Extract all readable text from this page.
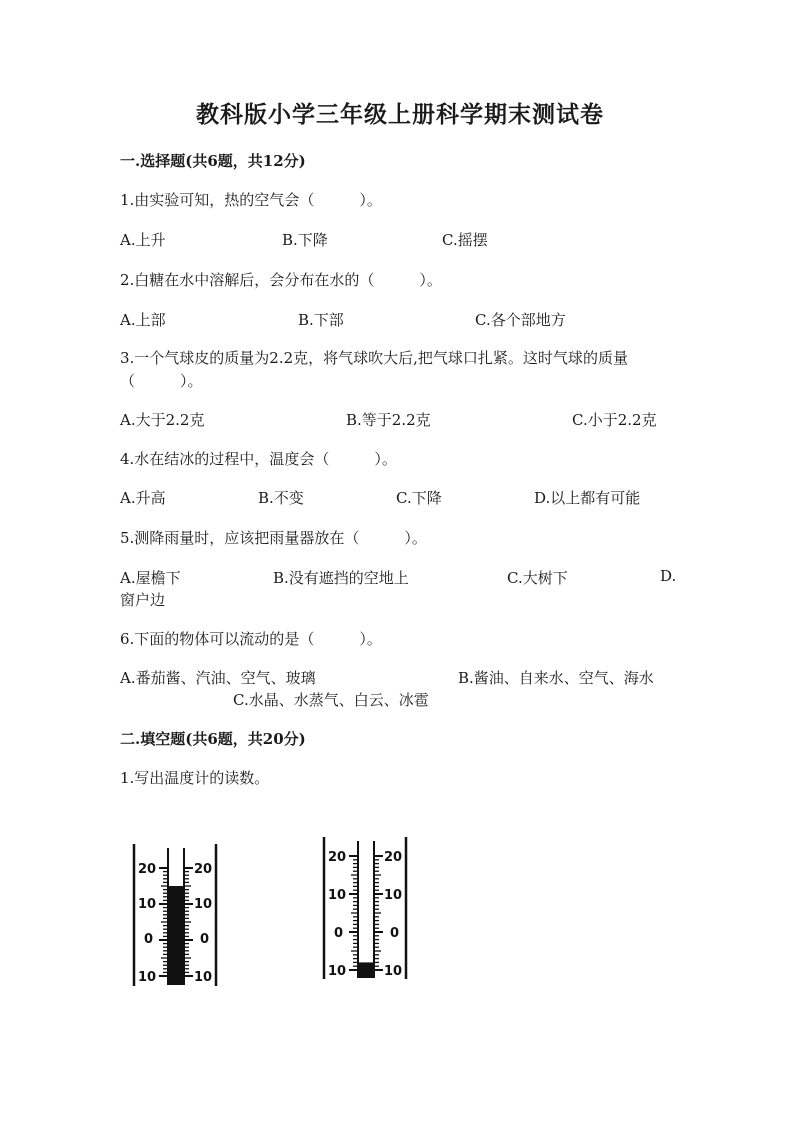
教科版小学三年级上册科学期末测试卷
一.选择题(共6题，共12分)
1.由实验可知，热的空气会（　　　）。
A.上升	B.下降	C.摇摆
2.白糖在水中溶解后，会分布在水的（　　　）。
A.上部	B.下部	C.各个部地方
3.一个气球皮的质量为2.2克，将气球吹大后,把气球口扎紧。这时气球的质量
（　　　）。
A.大于2.2克	B.等于2.2克	C.小于2.2克
4.水在结冰的过程中，温度会（　　　）。
A.升高	B.不变	C.下降	D.以上都有可能
5.测降雨量时，应该把雨量器放在（　　　）。
A.屋檐下	B.没有遮挡的空地上	C.大树下	D.
窗户边
6.下面的物体可以流动的是（　　　）。
A.番茄酱、汽油、空气、玻璃	B.酱油、自来水、空气、海水
C.水晶、水蒸气、白云、冰雹
二.填空题(共6题，共20分)
1.写出温度计的读数。
20
10
0
10
20
10
0
10
20
10
0
10
20
10
0
10
